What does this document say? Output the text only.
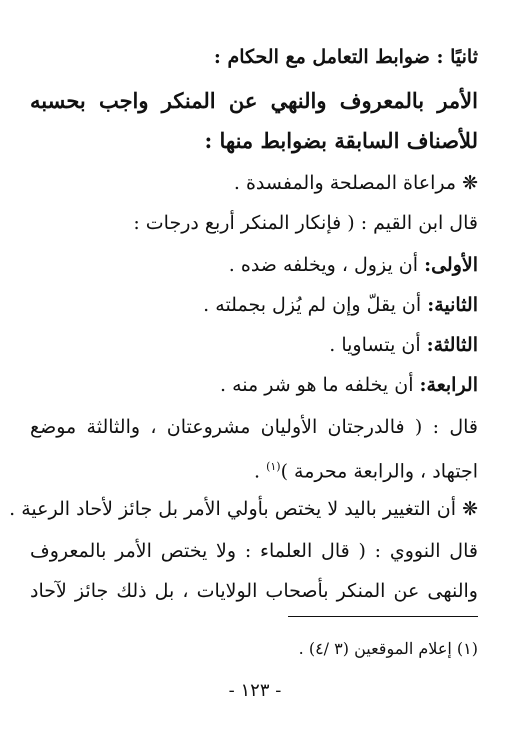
ثانيًا : ضوابط التعامل مع الحكام :
الأمر بالمعروف والنهي عن المنكر واجب بحسبه
للأصناف السابقة بضوابط منها :
❋ مراعاة المصلحة والمفسدة .
قال ابن القيم : ( فإنكار المنكر أربع درجات :
الأولى: أن يزول ، ويخلفه ضده .
الثانية: أن يقلّ وإن لم يُزل بجملته .
الثالثة: أن يتساويا .
الرابعة: أن يخلفه ما هو شر منه .
قال : ( فالدرجتان الأوليان مشروعتان ، والثالثة موضع
اجتهاد ، والرابعة محرمة )$^{(١)}$ .
❋ أن التغيير باليد لا يختص بأولي الأمر بل جائز لأحاد الرعية .
قال النووي : ( قال العلماء : ولا يختص الأمر بالمعروف
والنهى عن المنكر بأصحاب الولايات ، بل ذلك جائز لآحاد
(١) إعلام الموقعين (٣ /٤) .
- ١٢٣ -
